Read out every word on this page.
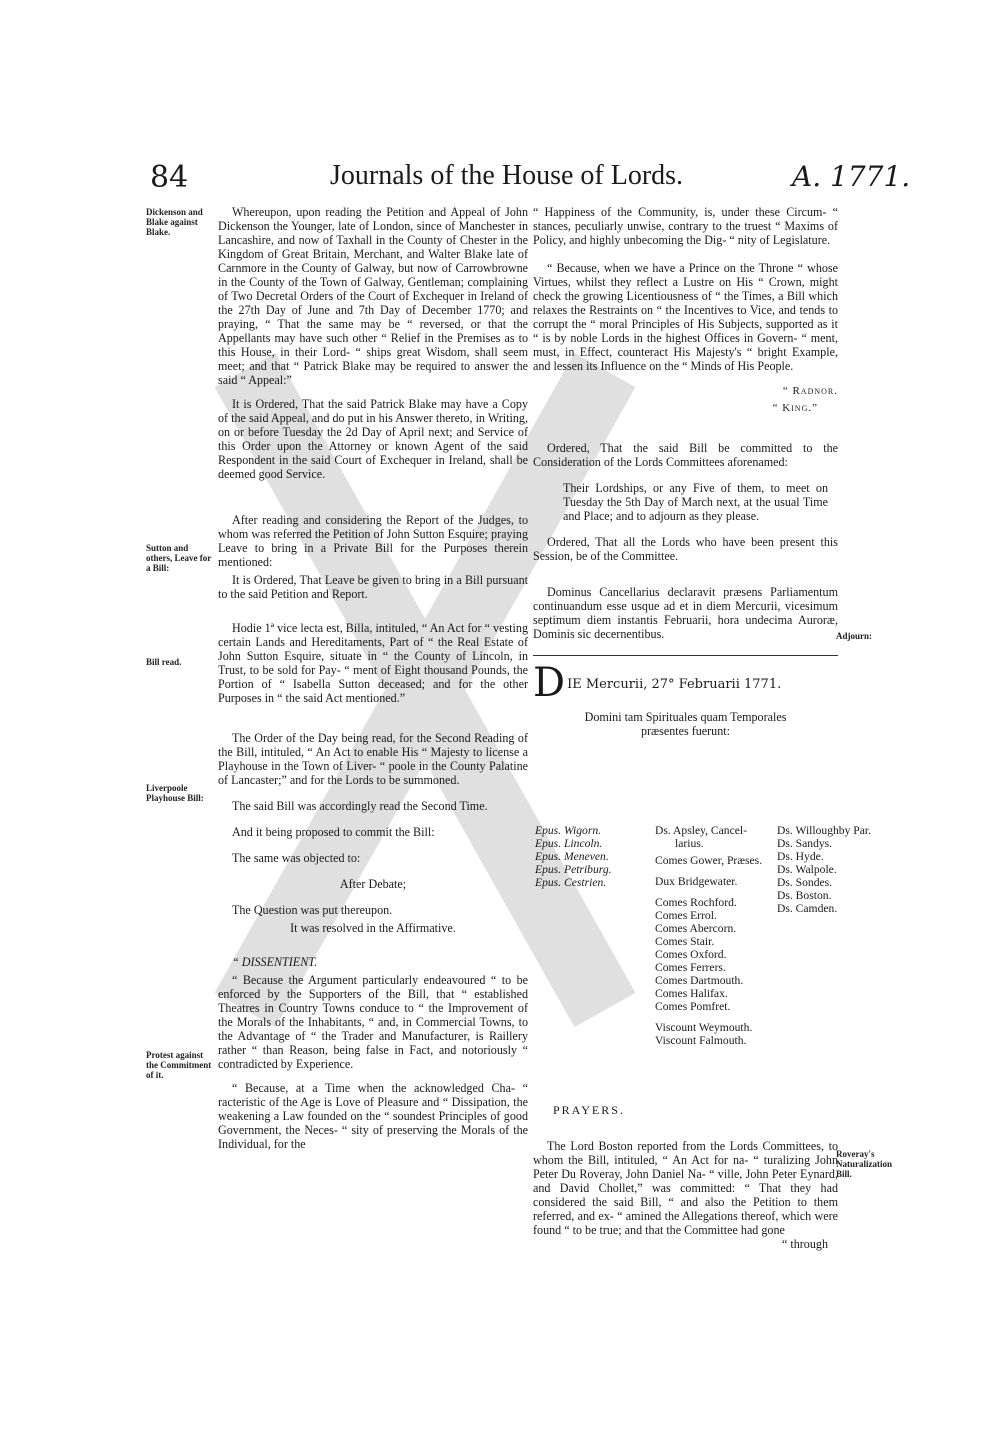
84	Journals of the House of Lords.	A. 1771.
Dickenson and Blake against Blake.
Sutton and others, Leave for a Bill:
Bill read.
Liverpoole Playhouse Bill:
Protest against the Commitment of it.
Adjourn:
Roveray's Naturalization Bill.

Whereupon, upon reading the Petition and Appeal of John Dickenson the Younger, late of London, since of Manchester in Lancashire, and now of Taxhall in the County of Chester in the Kingdom of Great Britain, Merchant, and Walter Blake late of Carnmore in the County of Galway, but now of Carrowbrowne in the County of the Town of Galway, Gentleman; complaining of Two Decretal Orders of the Court of Exchequer in Ireland of the 27th Day of June and 7th Day of December 1770; and praying, “ That the same may be “ reversed, or that the Appellants may have such other “ Relief in the Premises as to this House, in their Lord- “ ships great Wisdom, shall seem meet; and that “ Patrick Blake may be required to answer the said “ Appeal:”

It is Ordered, That the said Patrick Blake may have a Copy of the said Appeal, and do put in his Answer thereto, in Writing, on or before Tuesday the 2d Day of April next; and Service of this Order upon the Attorney or known Agent of the said Respondent in the said Court of Exchequer in Ireland, shall be deemed good Service.

After reading and considering the Report of the Judges, to whom was referred the Petition of John Sutton Esquire; praying Leave to bring in a Private Bill for the Purposes therein mentioned:

It is Ordered, That Leave be given to bring in a Bill pursuant to the said Petition and Report.

Hodie 1ª vice lecta est, Billa, intituled, “ An Act for “ vesting certain Lands and Hereditaments, Part of “ the Real Estate of John Sutton Esquire, situate in “ the County of Lincoln, in Trust, to be sold for Pay- “ ment of Eight thousand Pounds, the Portion of “ Isabella Sutton deceased; and for the other Purposes in “ the said Act mentioned.”

The Order of the Day being read, for the Second Reading of the Bill, intituled, “ An Act to enable His “ Majesty to license a Playhouse in the Town of Liver- “ poole in the County Palatine of Lancaster;” and for the Lords to be summoned.

The said Bill was accordingly read the Second Time.

And it being proposed to commit the Bill:

The same was objected to:

After Debate;

The Question was put thereupon.

It was resolved in the Affirmative.

“ DISSENTIENT.

“ Because the Argument particularly endeavoured “ to be enforced by the Supporters of the Bill, that “ established Theatres in Country Towns conduce to “ the Improvement of the Morals of the Inhabitants, “ and, in Commercial Towns, to the Advantage of “ the Trader and Manufacturer, is Raillery rather “ than Reason, being false in Fact, and notoriously “ contradicted by Experience.

“ Because, at a Time when the acknowledged Cha- “ racteristic of the Age is Love of Pleasure and “ Dissipation, the weakening a Law founded on the “ soundest Principles of good Government, the Neces- “ sity of preserving the Morals of the Individual, for the

“ Happiness of the Community, is, under these Circum- “ stances, peculiarly unwise, contrary to the truest “ Maxims of Policy, and highly unbecoming the Dig- “ nity of Legislature.

“ Because, when we have a Prince on the Throne “ whose Virtues, whilst they reflect a Lustre on His “ Crown, might check the growing Licentiousness of “ the Times, a Bill which relaxes the Restraints on “ the Incentives to Vice, and tends to corrupt the “ moral Principles of His Subjects, supported as it “ is by noble Lords in the highest Offices in Govern- “ ment, must, in Effect, counteract His Majesty's “ bright Example, and lessen its Influence on the “ Minds of His People.

“ Radnor.

“ King.”

Ordered, That the said Bill be committed to the Consideration of the Lords Committees aforenamed:

Their Lordships, or any Five of them, to meet on Tuesday the 5th Day of March next, at the usual Time and Place; and to adjourn as they please.

Ordered, That all the Lords who have been present this Session, be of the Committee.

Dominus Cancellarius declaravit præsens Parliamentum continuandum esse usque ad et in diem Mercurii, vicesimum septimum diem instantis Februarii, hora undecima Auroræ, Dominis sic decernentibus.

D IE Mercurii, 27° Februarii 1771.

Domini tam Spirituales quam Temporales præsentes fuerunt:

Epus. Wigorn.
Epus. Lincoln.
Epus. Meneven.
Epus. Petriburg.
Epus. Cestrien.
Ds. Apsley, Cancel-
larius.
Comes Gower, Præses.
Dux Bridgewater.
Comes Rochford.
Comes Errol.
Comes Abercorn.
Comes Stair.
Comes Oxford.
Comes Ferrers.
Comes Dartmouth.
Comes Halifax.
Comes Pomfret.
Viscount Weymouth.
Viscount Falmouth.
Ds. Willoughby Par.
Ds. Sandys.
Ds. Hyde.
Ds. Walpole.
Ds. Sondes.
Ds. Boston.
Ds. Camden.

PRAYERS.

The Lord Boston reported from the Lords Committees, to whom the Bill, intituled, “ An Act for na- “ turalizing John Peter Du Roveray, John Daniel Na- “ ville, John Peter Eynard, and David Chollet,” was committed: “ That they had considered the said Bill, “ and also the Petition to them referred, and ex- “ amined the Allegations thereof, which were found “ to be true; and that the Committee had gone

“ through
